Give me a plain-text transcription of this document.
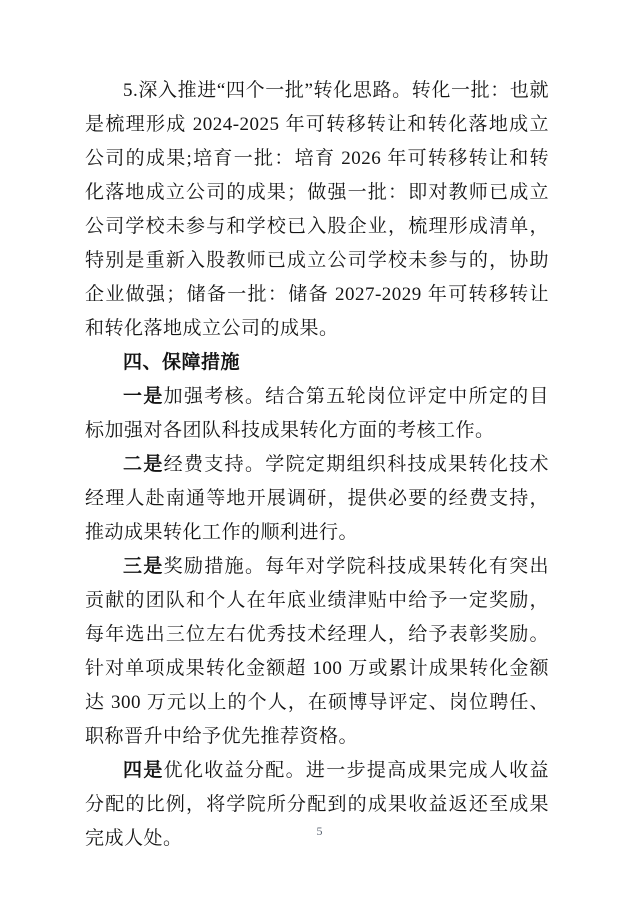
5.深入推进“四个一批”转化思路。转化一批：也就是梳理形成 2024-2025 年可转移转让和转化落地成立公司的成果;培育一批：培育 2026 年可转移转让和转化落地成立公司的成果；做强一批：即对教师已成立公司学校未参与和学校已入股企业，梳理形成清单，特别是重新入股教师已成立公司学校未参与的，协助企业做强；储备一批：储备 2027-2029 年可转移转让和转化落地成立公司的成果。

四、保障措施

一是加强考核。结合第五轮岗位评定中所定的目标加强对各团队科技成果转化方面的考核工作。

二是经费支持。学院定期组织科技成果转化技术经理人赴南通等地开展调研，提供必要的经费支持，推动成果转化工作的顺利进行。

三是奖励措施。每年对学院科技成果转化有突出贡献的团队和个人在年底业绩津贴中给予一定奖励，每年选出三位左右优秀技术经理人，给予表彰奖励。针对单项成果转化金额超 100 万或累计成果转化金额达 300 万元以上的个人，在硕博导评定、岗位聘任、职称晋升中给予优先推荐资格。

四是优化收益分配。进一步提高成果完成人收益分配的比例，将学院所分配到的成果收益返还至成果完成人处。	5
